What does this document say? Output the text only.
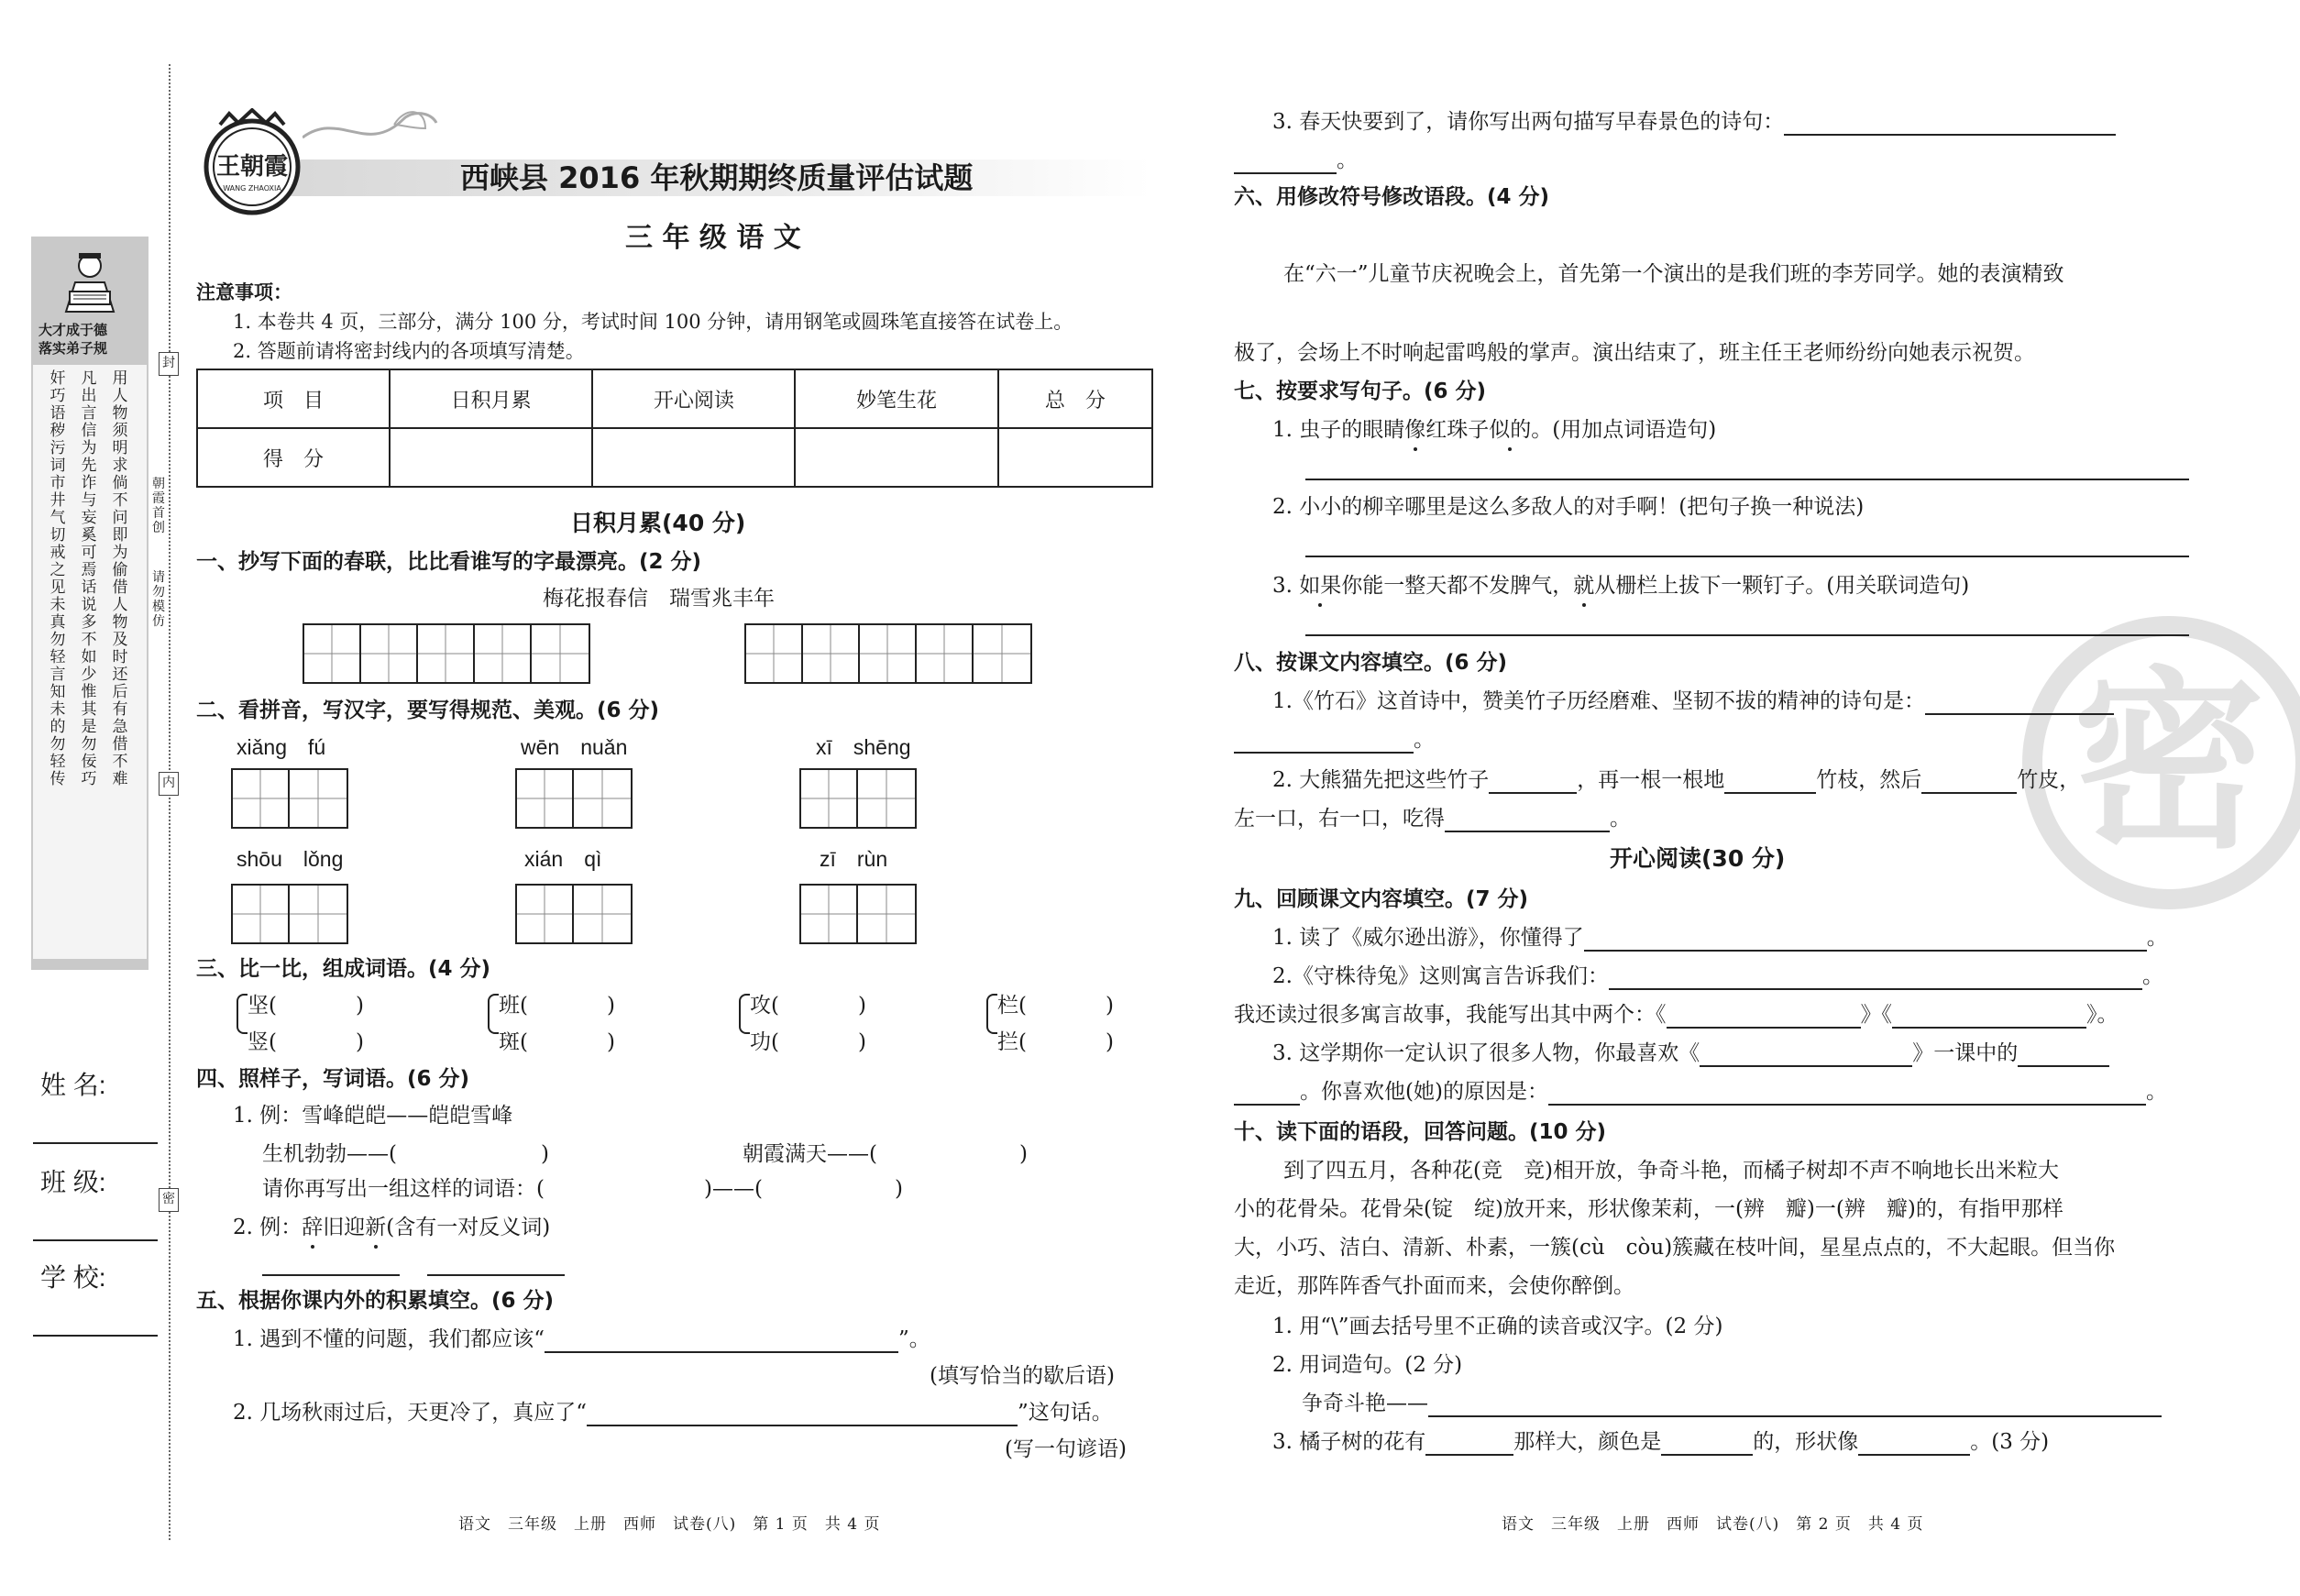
大才成于德
落实弟子规
奸巧语秽污词市井气切戒之见未真勿轻言知未的勿轻传
凡出言信为先诈与妄奚可焉话说多不如少惟其是勿佞巧
用人物须明求倘不问即为偷借人物及时还后有急借不难
朝霞首创
请勿模仿
封
内
密
姓 名:
班 级:
学 校:
王朝霞
WANG ZHAOXIA	西峡县 2016 年秋期期终质量评估试题
三 年 级 语 文
注意事项：
1. 本卷共 4 页，三部分，满分 100 分，考试时间 100 分钟，请用钢笔或圆珠笔直接答在试卷上。
2. 答题前请将密封线内的各项填写清楚。
项　目	日积月累	开心阅读	妙笔生花	总　分
得　分				
日积月累(40 分)
一、抄写下面的春联，比比看谁写的字最漂亮。(2 分)
梅花报春信　瑞雪兆丰年
二、看拼音，写汉字，要写得规范、美观。(6 分)
xiǎng　fú	wēn　nuǎn	xī　shēng
shōu　lǒng	xián　qì	zī　rùn
三、比一比，组成词语。(4 分)
坚(	)
竖(	)
班(	)
斑(	)
攻(	)
功(	)
栏(	)
拦(	)
四、照样子，写词语。(6 分)
1. 例：雪峰皑皑——皑皑雪峰
生机勃勃——(	)	朝霞满天——(	)
请你再写出一组这样的词语：(	)——(	)
2. 例：辞旧迎新(含有一对反义词)
五、根据你课内外的积累填空。(6 分)
1. 遇到不懂的问题，我们都应该“	”。
(填写恰当的歇后语)
2. 几场秋雨过后，天更冷了，真应了“	”这句话。
(写一句谚语)
语文　三年级　上册　西师　试卷(八)　第 1 页　共 4 页
密
3. 春天快要到了，请你写出两句描写早春景色的诗句：
。
六、用修改符号修改语段。(4 分)
在“六一”儿童节庆祝晚会上，首先第一个演出的是我们班的李芳同学。她的表演精致
极了，会场上不时响起雷鸣般的掌声。演出结束了，班主任王老师纷纷向她表示祝贺。
七、按要求写句子。(6 分)
1. 虫子的眼睛像红珠子似的。(用加点词语造句)
2. 小小的柳辛哪里是这么多敌人的对手啊！(把句子换一种说法)
3. 如果你能一整天都不发脾气，就从栅栏上拔下一颗钉子。(用关联词造句)
八、按课文内容填空。(6 分)
1.《竹石》这首诗中，赞美竹子历经磨难、坚韧不拔的精神的诗句是：
。
2. 大熊猫先把这些竹子	，再一根一根地	竹枝，然后	竹皮，
左一口，右一口，吃得	。
开心阅读(30 分)
九、回顾课文内容填空。(7 分)
1. 读了《威尔逊出游》，你懂得了	。
2.《守株待兔》这则寓言告诉我们：	。
我还读过很多寓言故事，我能写出其中两个：《	》《	》。
3. 这学期你一定认识了很多人物，你最喜欢《	》一课中的
。你喜欢他(她)的原因是：	。
十、读下面的语段，回答问题。(10 分)
到了四五月，各种花(竞　竞)相开放，争奇斗艳，而橘子树却不声不响地长出米粒大
小的花骨朵。花骨朵(锭　绽)放开来，形状像茉莉，一(辨　瓣)一(辨　瓣)的，有指甲那样
大，小巧、洁白、清新、朴素，一簇(cù　còu)簇藏在枝叶间，星星点点的，不大起眼。但当你
走近，那阵阵香气扑面而来，会使你醉倒。
1. 用“\”画去括号里不正确的读音或汉字。(2 分)
2. 用词造句。(2 分)
争奇斗艳——
3. 橘子树的花有	那样大，颜色是	的，形状像	。(3 分)
语文　三年级　上册　西师　试卷(八)　第 2 页　共 4 页
